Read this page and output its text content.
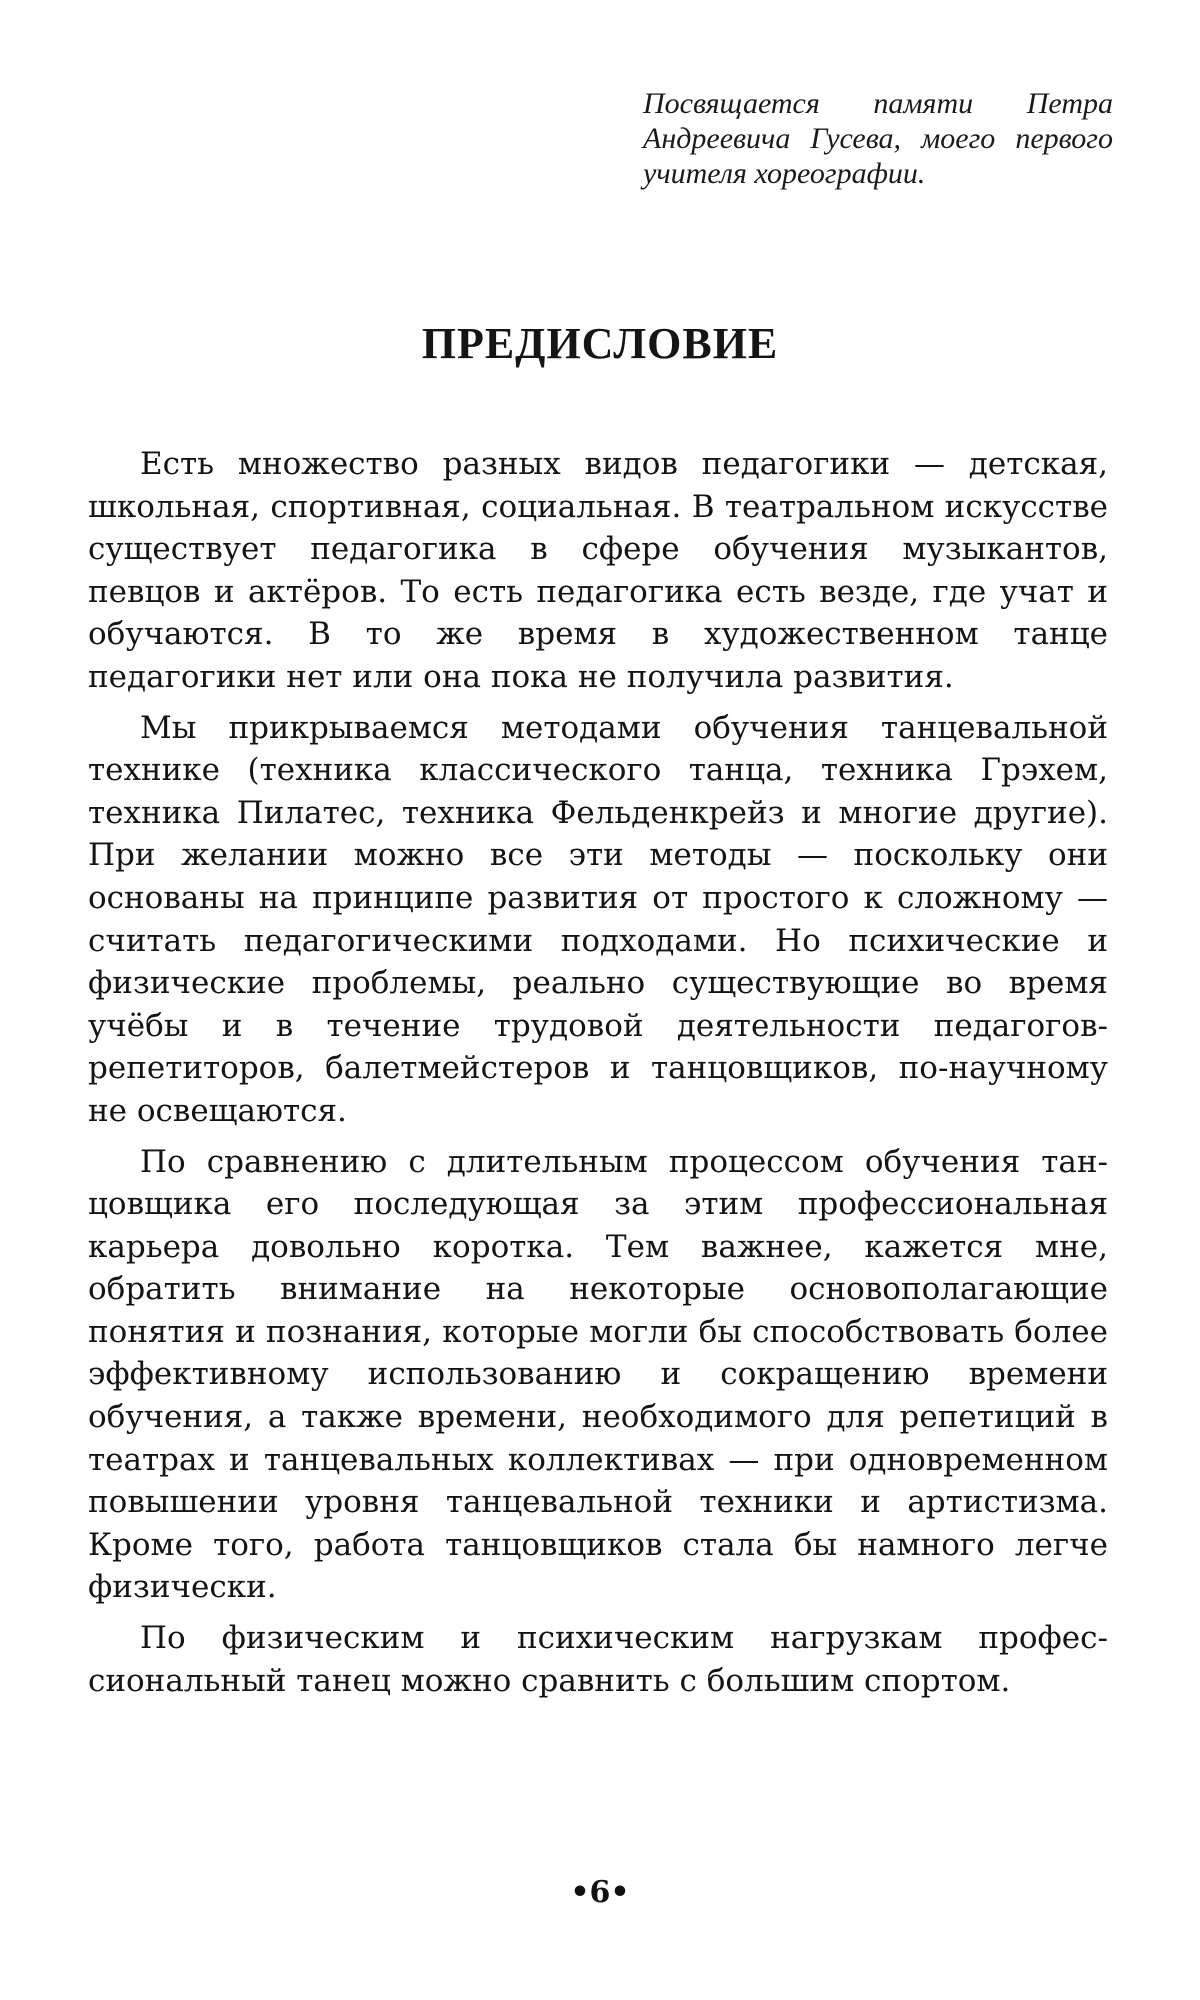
Посвящается памяти Петра Андреевича Гусева, моего первого учителя хореографии.
ПРЕДИСЛОВИЕ

Есть множество разных видов педагогики — детская, школьная, спортивная, социальная. В театральном искусстве существует педагогика в сфере обучения музыкантов, певцов и актёров. То есть педагогика есть везде, где учат и обучаются. В то же время в художественном танце педагогики нет или она пока не получила развития.

Мы прикрываемся методами обучения танцевальной технике (техника классического танца, техника Грэхем, техника Пилатес, техника Фельденкрейз и многие другие). При желании можно все эти методы — поскольку они основаны на принципе развития от простого к сложному — считать педагогическими подходами. Но психические и физические проблемы, реально существующие во время учёбы и в течение трудовой деятельности педагогов-репетиторов, балетмейстеров и танцовщиков, по-научному не освещаются.

По сравнению с длительным процессом обучения танцовщика его последующая за этим профессиональная карьера довольно коротка. Тем важнее, кажется мне, обратить внимание на некоторые основополагающие понятия и познания, которые могли бы способствовать более эффективному использованию и сокращению времени обучения, а также времени, необходимого для репетиций в театрах и танцевальных коллективах — при одновременном повышении уровня танцевальной техники и артистизма. Кроме того, работа танцовщиков стала бы намного легче физически.

По физическим и психическим нагрузкам профессиональный танец можно сравнить с большим спортом.

•6•
